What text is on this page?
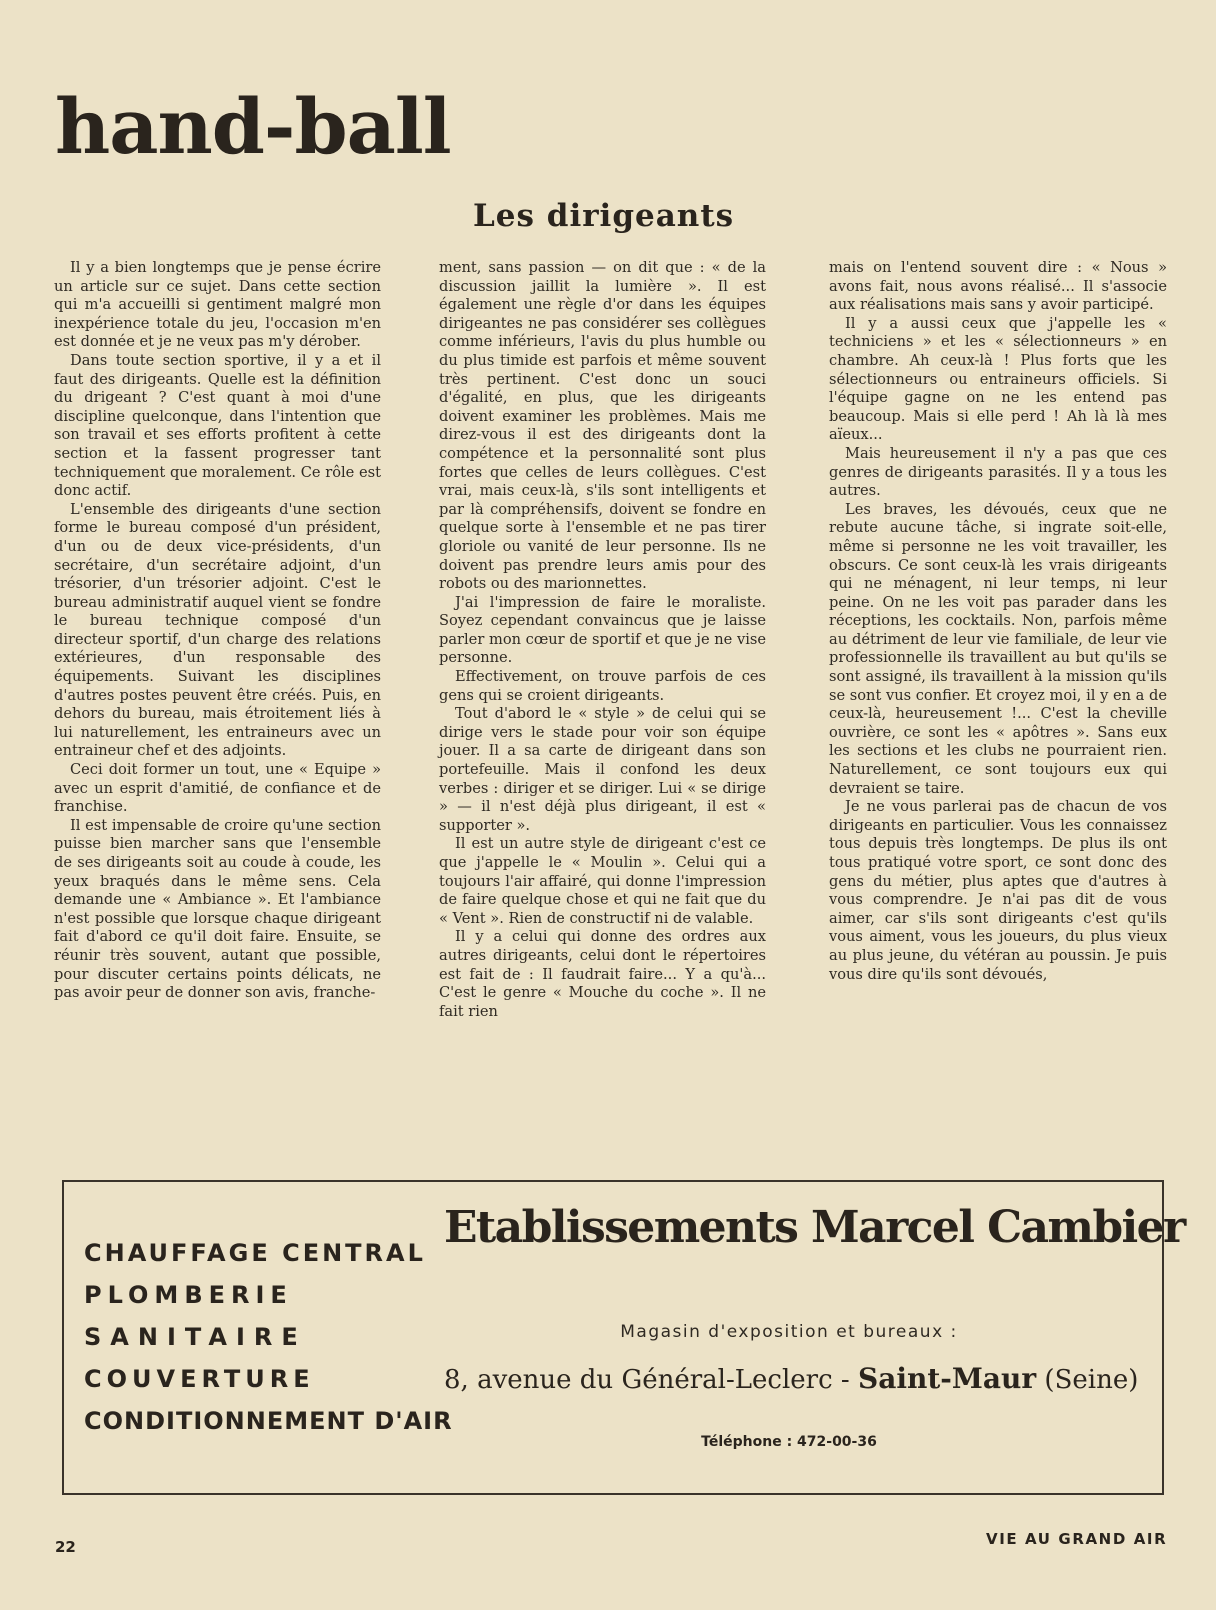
hand-ball
Les dirigeants

Il y a bien longtemps que je pense écrire un article sur ce sujet. Dans cette section qui m'a accueilli si gentiment malgré mon inexpérience totale du jeu, l'occasion m'en est donnée et je ne veux pas m'y dérober.

Dans toute section sportive, il y a et il faut des dirigeants. Quelle est la définition du drigeant ? C'est quant à moi d'une discipline quelconque, dans l'intention que son travail et ses efforts profitent à cette section et la fassent progresser tant techniquement que moralement. Ce rôle est donc actif.

L'ensemble des dirigeants d'une section forme le bureau composé d'un président, d'un ou de deux vice-présidents, d'un secrétaire, d'un secrétaire adjoint, d'un trésorier, d'un trésorier adjoint. C'est le bureau administratif auquel vient se fondre le bureau technique composé d'un directeur sportif, d'un charge des relations extérieures, d'un responsable des équipements. Suivant les disciplines d'autres postes peuvent être créés. Puis, en dehors du bureau, mais étroitement liés à lui naturellement, les entraineurs avec un entraineur chef et des adjoints.

Ceci doit former un tout, une « Equipe » avec un esprit d'amitié, de confiance et de franchise.

Il est impensable de croire qu'une section puisse bien marcher sans que l'ensemble de ses dirigeants soit au coude à coude, les yeux braqués dans le même sens. Cela demande une « Ambiance ». Et l'ambiance n'est possible que lorsque chaque dirigeant fait d'abord ce qu'il doit faire. Ensuite, se réunir très souvent, autant que possible, pour discuter certains points délicats, ne pas avoir peur de donner son avis, franche-

ment, sans passion — on dit que : « de la discussion jaillit la lumière ». Il est également une règle d'or dans les équipes dirigeantes ne pas considérer ses collègues comme inférieurs, l'avis du plus humble ou du plus timide est parfois et même souvent très pertinent. C'est donc un souci d'égalité, en plus, que les dirigeants doivent examiner les problèmes. Mais me direz-vous il est des dirigeants dont la compétence et la personnalité sont plus fortes que celles de leurs collègues. C'est vrai, mais ceux-là, s'ils sont intelligents et par là compréhensifs, doivent se fondre en quelque sorte à l'ensemble et ne pas tirer gloriole ou vanité de leur personne. Ils ne doivent pas prendre leurs amis pour des robots ou des marionnettes.

J'ai l'impression de faire le moraliste. Soyez cependant convaincus que je laisse parler mon cœur de sportif et que je ne vise personne.

Effectivement, on trouve parfois de ces gens qui se croient dirigeants.

Tout d'abord le « style » de celui qui se dirige vers le stade pour voir son équipe jouer. Il a sa carte de dirigeant dans son portefeuille. Mais il confond les deux verbes : diriger et se diriger. Lui « se dirige » — il n'est déjà plus dirigeant, il est « supporter ».

Il est un autre style de dirigeant c'est ce que j'appelle le « Moulin ». Celui qui a toujours l'air affairé, qui donne l'impression de faire quelque chose et qui ne fait que du « Vent ». Rien de constructif ni de valable.

Il y a celui qui donne des ordres aux autres dirigeants, celui dont le répertoires est fait de : Il faudrait faire... Y a qu'à... C'est le genre « Mouche du coche ». Il ne fait rien

mais on l'entend souvent dire : « Nous » avons fait, nous avons réalisé... Il s'associe aux réalisations mais sans y avoir participé.

Il y a aussi ceux que j'appelle les « techniciens » et les « sélectionneurs » en chambre. Ah ceux-là ! Plus forts que les sélectionneurs ou entraineurs officiels. Si l'équipe gagne on ne les entend pas beaucoup. Mais si elle perd ! Ah là là mes aïeux...

Mais heureusement il n'y a pas que ces genres de dirigeants parasités. Il y a tous les autres.

Les braves, les dévoués, ceux que ne rebute aucune tâche, si ingrate soit-elle, même si personne ne les voit travailler, les obscurs. Ce sont ceux-là les vrais dirigeants qui ne ménagent, ni leur temps, ni leur peine. On ne les voit pas parader dans les réceptions, les cocktails. Non, parfois même au détriment de leur vie familiale, de leur vie professionnelle ils travaillent au but qu'ils se sont assigné, ils travaillent à la mission qu'ils se sont vus confier. Et croyez moi, il y en a de ceux-là, heureusement !... C'est la cheville ouvrière, ce sont les « apôtres ». Sans eux les sections et les clubs ne pourraient rien. Naturellement, ce sont toujours eux qui devraient se taire.

Je ne vous parlerai pas de chacun de vos dirigeants en particulier. Vous les connaissez tous depuis très longtemps. De plus ils ont tous pratiqué votre sport, ce sont donc des gens du métier, plus aptes que d'autres à vous comprendre. Je n'ai pas dit de vous aimer, car s'ils sont dirigeants c'est qu'ils vous aiment, vous les joueurs, du plus vieux au plus jeune, du vétéran au poussin. Je puis vous dire qu'ils sont dévoués,

CHAUFFAGE CENTRAL
PLOMBERIE
SANITAIRE
COUVERTURE
CONDITIONNEMENT D'AIR
Etablissements Marcel Cambier
Magasin d'exposition et bureaux :
8, avenue du Général-Leclerc - Saint-Maur (Seine)
Téléphone : 472-00-36
22	VIE AU GRAND AIR
